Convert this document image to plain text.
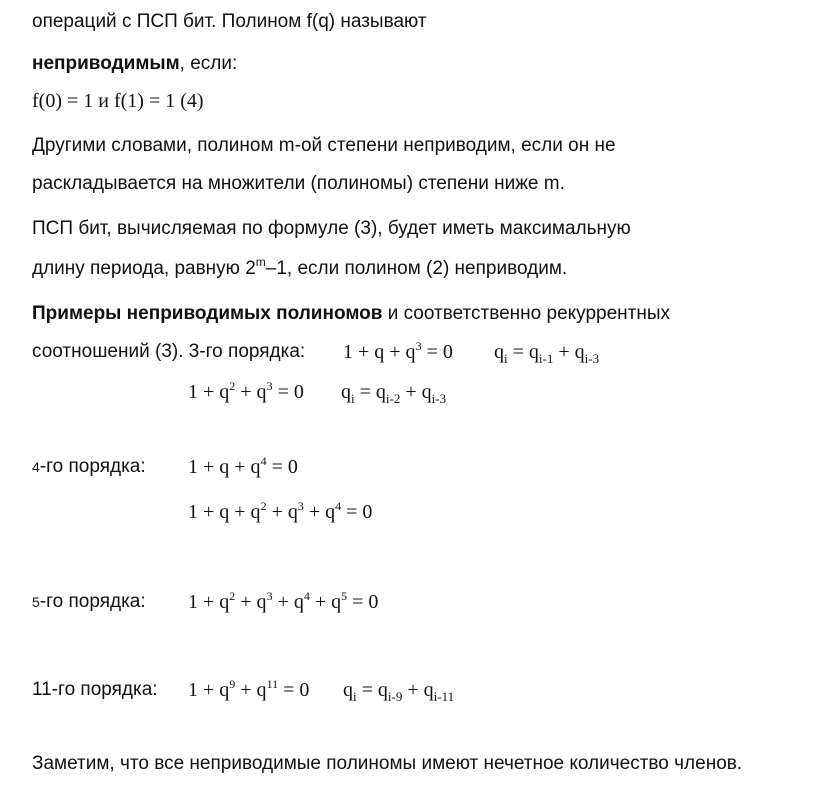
операций с ПСП бит. Полином f(q) называют
неприводимым, если:
f(0) = 1 и f(1) = 1 (4)
Другими словами, полином m-ой степени неприводим, если он не
раскладывается на множители (полиномы) степени ниже m.
ПСП бит, вычисляемая по формуле (3), будет иметь максимальную
длину периода, равную 2$^m$–1, если полином (2) неприводим.
Примеры неприводимых полиномов и соответственно рекуррентных
соотношений (3). 3-го порядка: $1 + q + q^3 = 0$ $q_i = q_{i-1} + q_{i-3}$
$1 + q^2 + q^3 = 0$ $q_i = q_{i-2} + q_{i-3}$
4-го порядка: $1 + q + q^4 = 0$
$1 + q + q^2 + q^3 + q^4 = 0$
5-го порядка: $1 + q^2 + q^3 + q^4 + q^5 = 0$
11-го порядка: $1 + q^9 + q^{11} = 0$ $q_i = q_{i-9} + q_{i-11}$
Заметим, что все неприводимые полиномы имеют нечетное количество членов.
